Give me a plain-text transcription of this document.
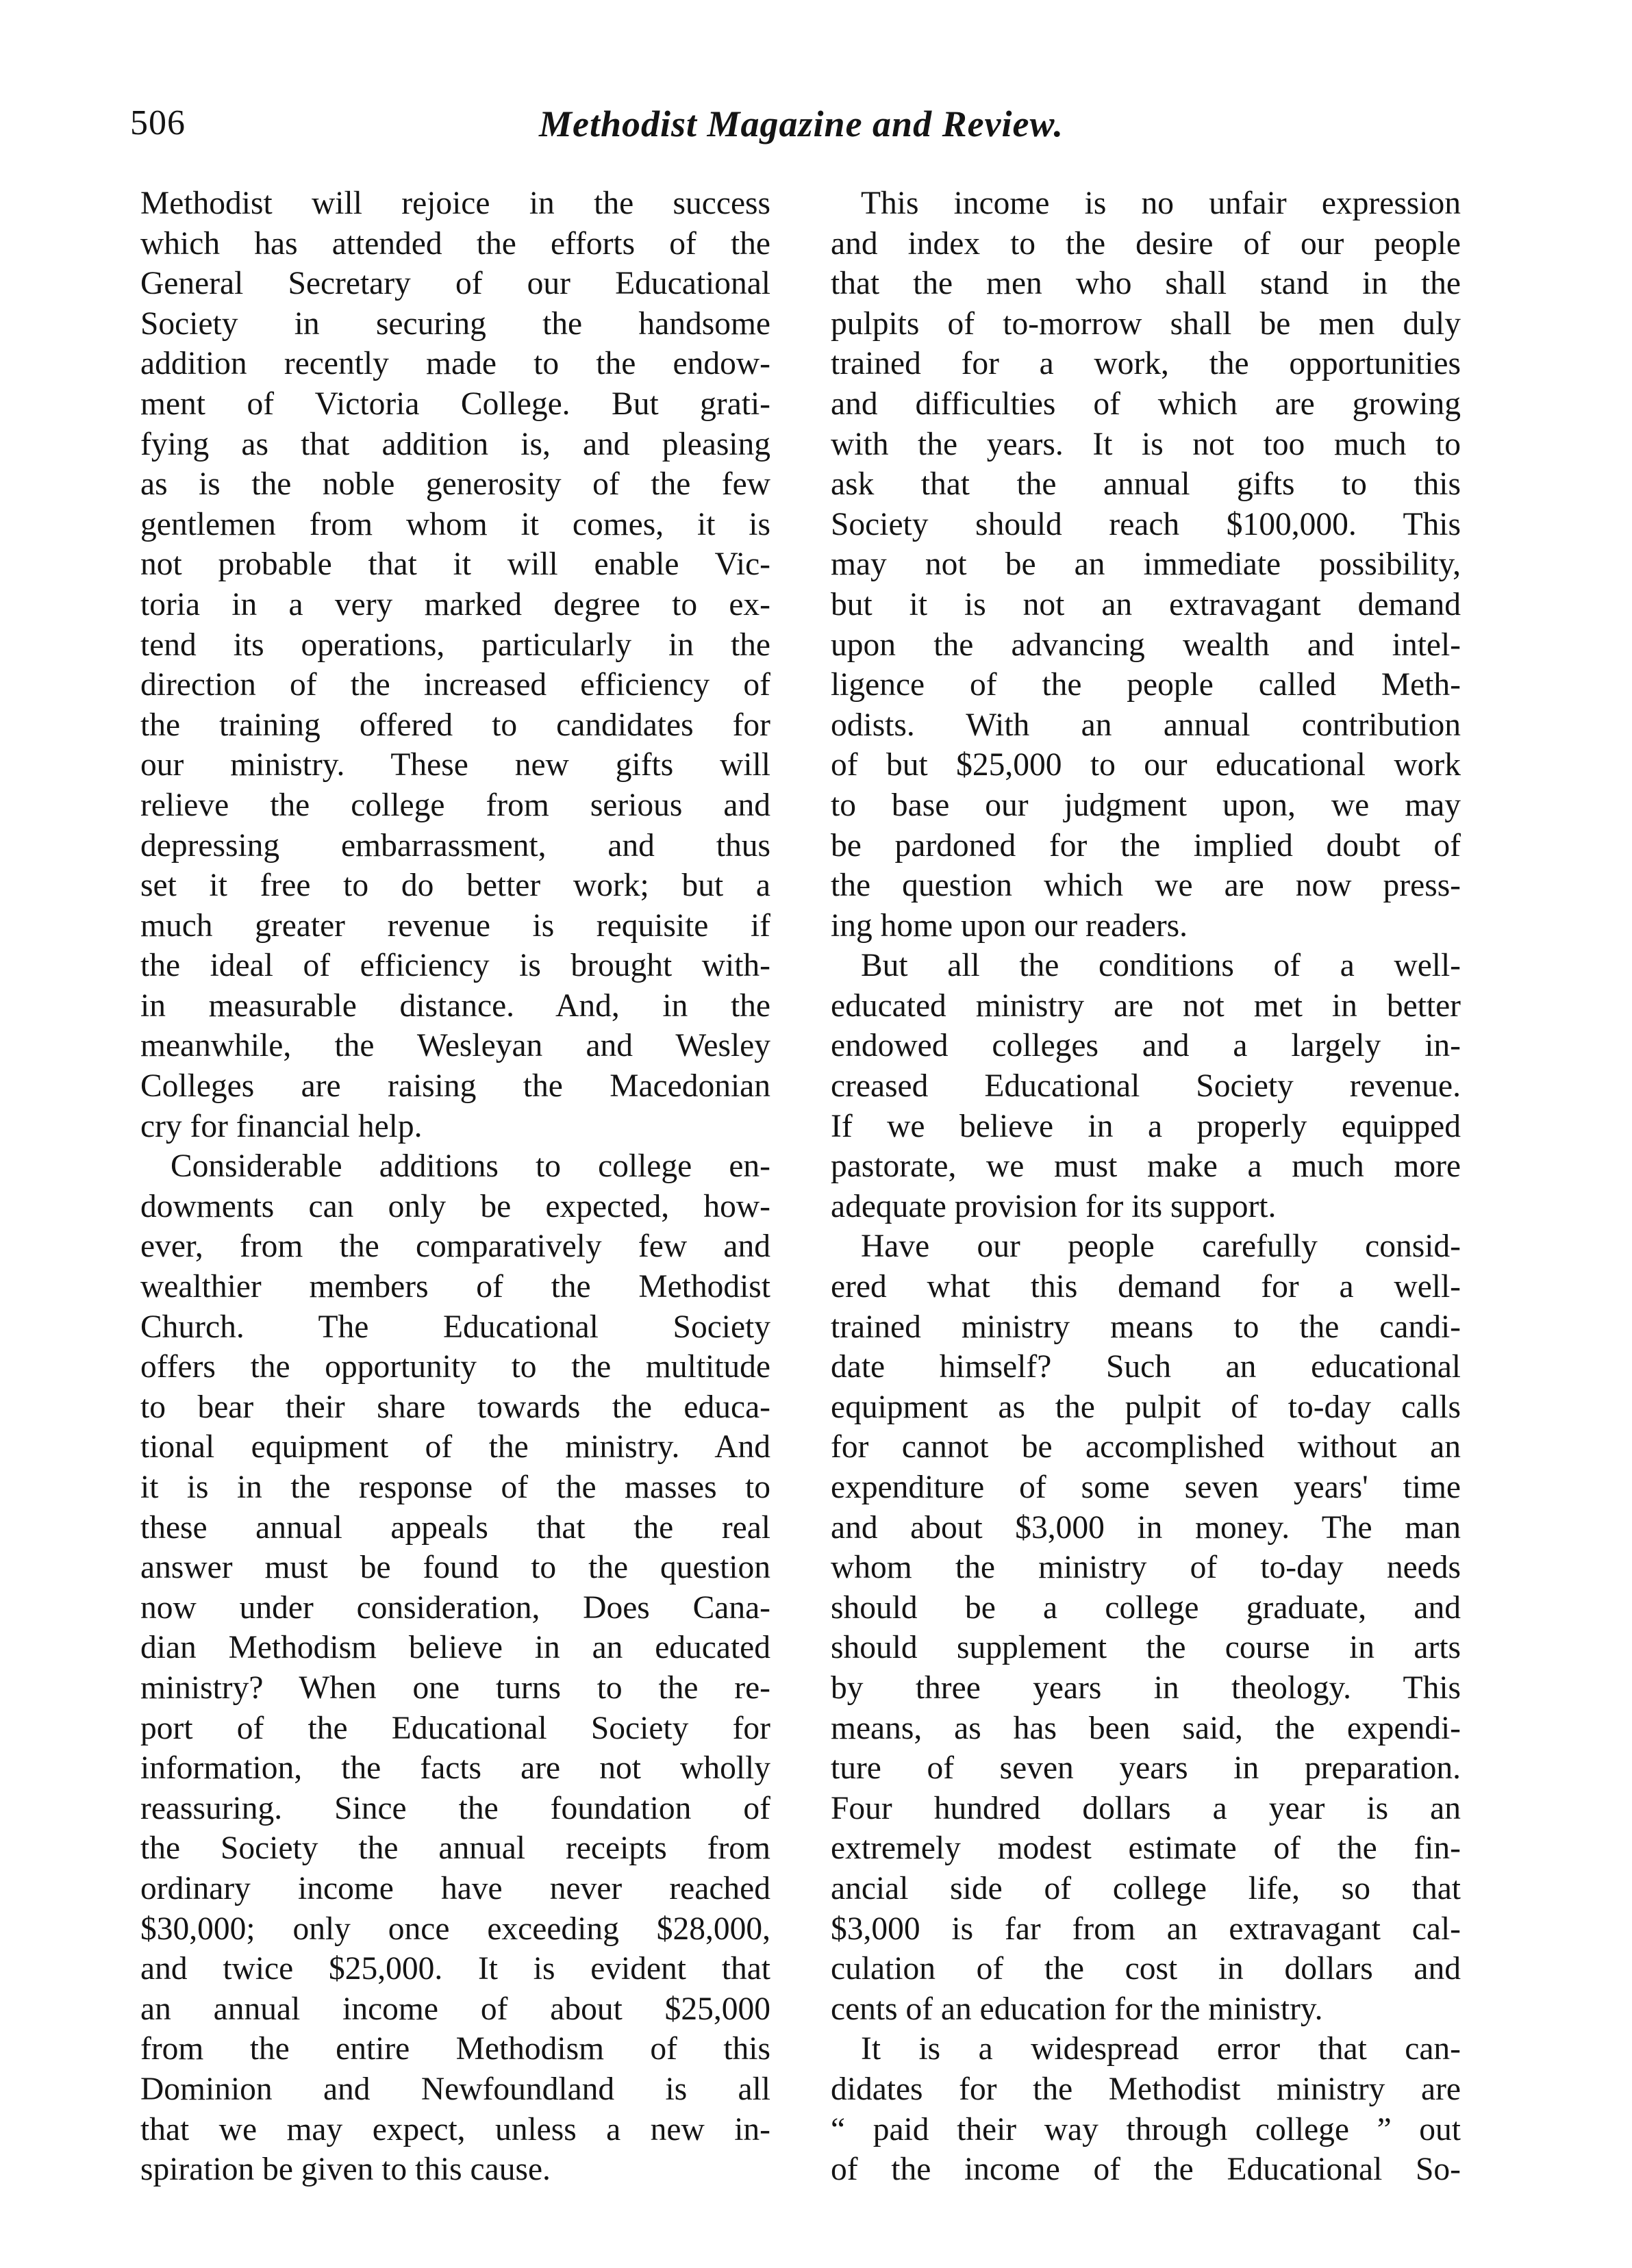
506	Methodist Magazine and Review.

Methodist will rejoice in the success

which has attended the efforts of the

General Secretary of our Educational

Society in securing the handsome

addition recently made to the endow-

ment of Victoria College. But grati-

fying as that addition is, and pleasing

as is the noble generosity of the few

gentlemen from whom it comes, it is

not probable that it will enable Vic-

toria in a very marked degree to ex-

tend its operations, particularly in the

direction of the increased efficiency of

the training offered to candidates for

our ministry. These new gifts will

relieve the college from serious and

depressing embarrassment, and thus

set it free to do better work; but a

much greater revenue is requisite if

the ideal of efficiency is brought with-

in measurable distance. And, in the

meanwhile, the Wesleyan and Wesley

Colleges are raising the Macedonian

cry for financial help.

Considerable additions to college en-

dowments can only be expected, how-

ever, from the comparatively few and

wealthier members of the Methodist

Church. The Educational Society

offers the opportunity to the multitude

to bear their share towards the educa-

tional equipment of the ministry. And

it is in the response of the masses to

these annual appeals that the real

answer must be found to the question

now under consideration, Does Cana-

dian Methodism believe in an educated

ministry? When one turns to the re-

port of the Educational Society for

information, the facts are not wholly

reassuring. Since the foundation of

the Society the annual receipts from

ordinary income have never reached

$30,000; only once exceeding $28,000,

and twice $25,000. It is evident that

an annual income of about $25,000

from the entire Methodism of this

Dominion and Newfoundland is all

that we may expect, unless a new in-

spiration be given to this cause.

This income is no unfair expression

and index to the desire of our people

that the men who shall stand in the

pulpits of to-morrow shall be men duly

trained for a work, the opportunities

and difficulties of which are growing

with the years. It is not too much to

ask that the annual gifts to this

Society should reach $100,000. This

may not be an immediate possibility,

but it is not an extravagant demand

upon the advancing wealth and intel-

ligence of the people called Meth-

odists. With an annual contribution

of but $25,000 to our educational work

to base our judgment upon, we may

be pardoned for the implied doubt of

the question which we are now press-

ing home upon our readers.

But all the conditions of a well-

educated ministry are not met in better

endowed colleges and a largely in-

creased Educational Society revenue.

If we believe in a properly equipped

pastorate, we must make a much more

adequate provision for its support.

Have our people carefully consid-

ered what this demand for a well-

trained ministry means to the candi-

date himself? Such an educational

equipment as the pulpit of to-day calls

for cannot be accomplished without an

expenditure of some seven years' time

and about $3,000 in money. The man

whom the ministry of to-day needs

should be a college graduate, and

should supplement the course in arts

by three years in theology. This

means, as has been said, the expendi-

ture of seven years in preparation.

Four hundred dollars a year is an

extremely modest estimate of the fin-

ancial side of college life, so that

$3,000 is far from an extravagant cal-

culation of the cost in dollars and

cents of an education for the ministry.

It is a widespread error that can-

didates for the Methodist ministry are

“ paid their way through college ” out

of the income of the Educational So-
